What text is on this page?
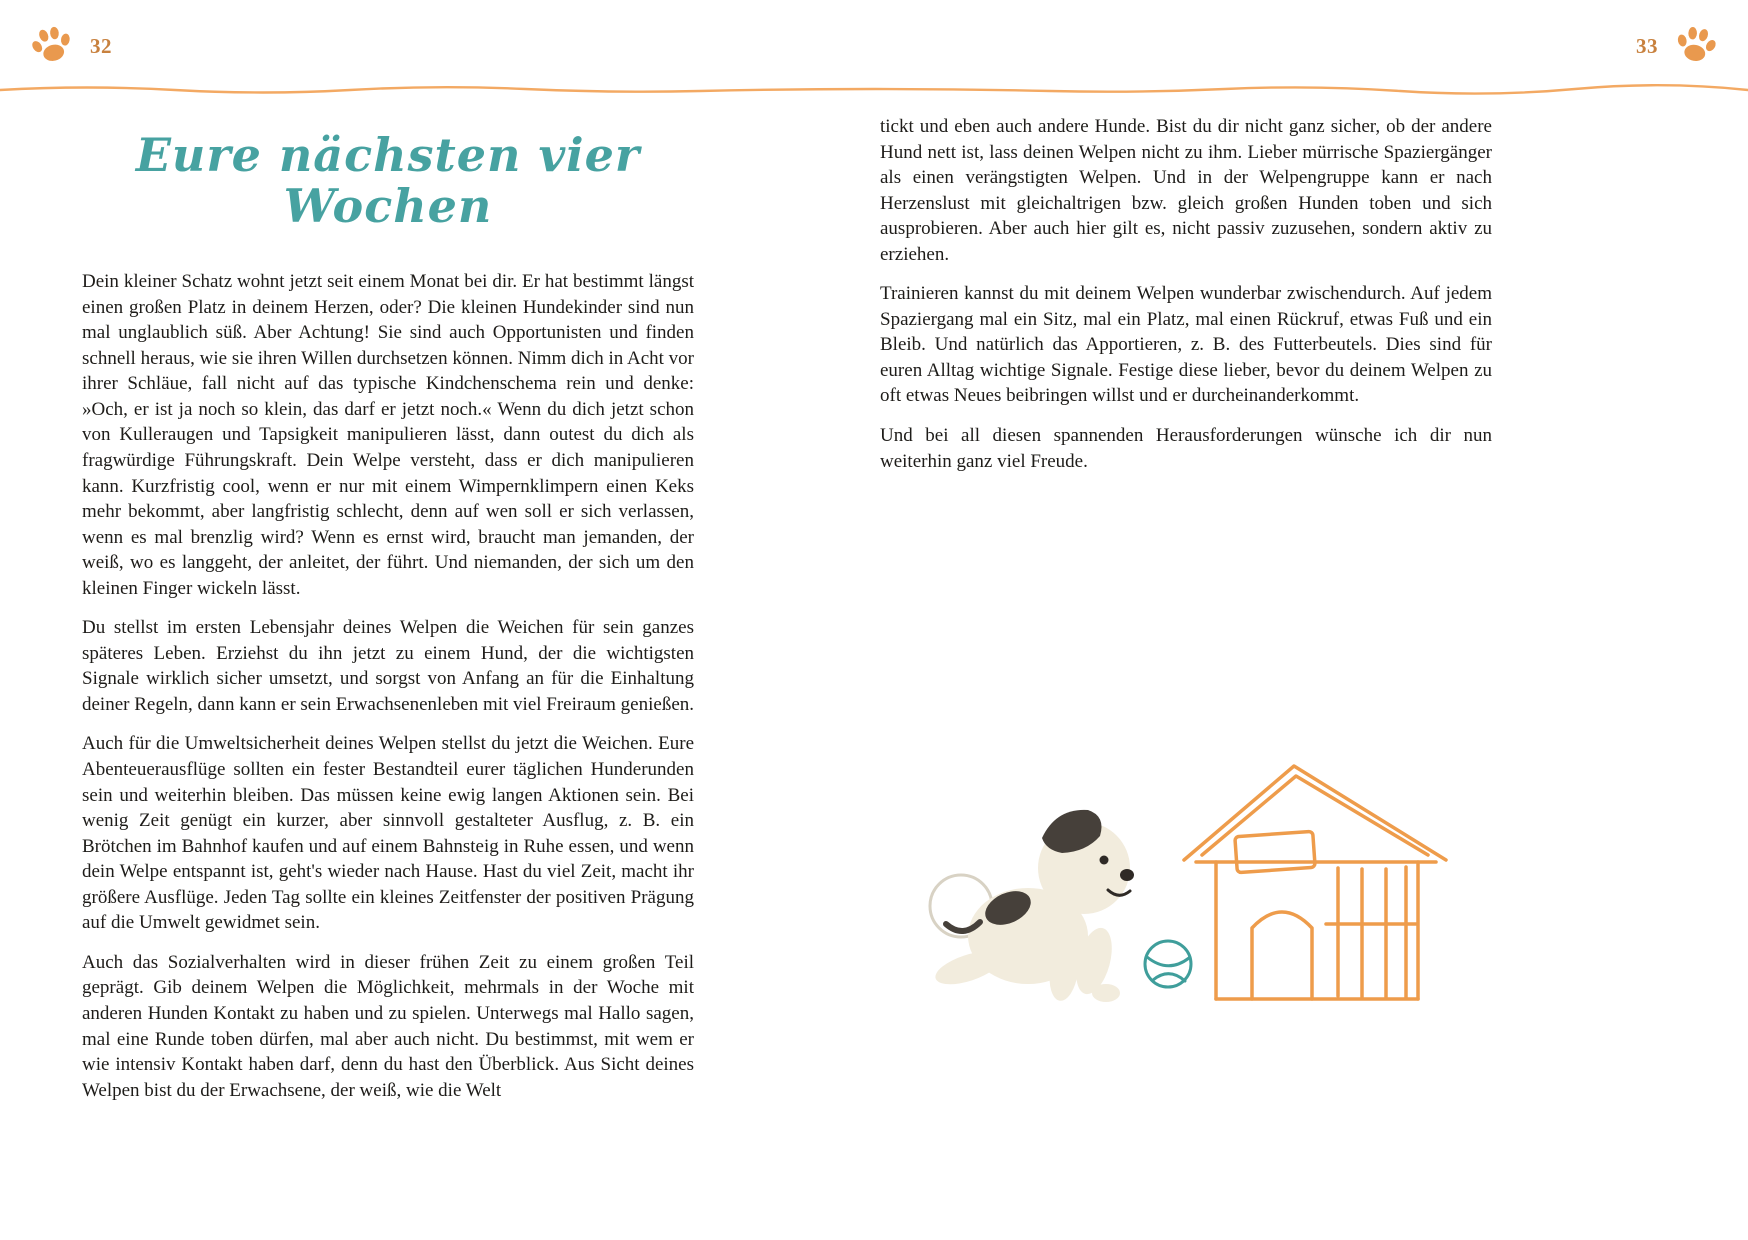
32	33
Eure nächsten vier Wochen

Dein kleiner Schatz wohnt jetzt seit einem Monat bei dir. Er hat bestimmt längst einen großen Platz in deinem Herzen, oder? Die kleinen Hundekinder sind nun mal unglaublich süß. Aber Achtung! Sie sind auch Opportunisten und finden schnell heraus, wie sie ihren Willen durchsetzen können. Nimm dich in Acht vor ihrer Schläue, fall nicht auf das typische Kindchenschema rein und denke: »Och, er ist ja noch so klein, das darf er jetzt noch.« Wenn du dich jetzt schon von Kulleraugen und Tapsigkeit manipulieren lässt, dann outest du dich als fragwürdige Führungskraft. Dein Welpe versteht, dass er dich manipulieren kann. Kurzfristig cool, wenn er nur mit einem Wimpernklimpern einen Keks mehr bekommt, aber langfristig schlecht, denn auf wen soll er sich verlassen, wenn es mal brenzlig wird? Wenn es ernst wird, braucht man jemanden, der weiß, wo es langgeht, der anleitet, der führt. Und niemanden, der sich um den kleinen Finger wickeln lässt.

Du stellst im ersten Lebensjahr deines Welpen die Weichen für sein ganzes späteres Leben. Erziehst du ihn jetzt zu einem Hund, der die wichtigsten Signale wirklich sicher umsetzt, und sorgst von Anfang an für die Einhaltung deiner Regeln, dann kann er sein Erwachsenenleben mit viel Freiraum genießen.

Auch für die Umweltsicherheit deines Welpen stellst du jetzt die Weichen. Eure Abenteuerausflüge sollten ein fester Bestandteil eurer täglichen Hunderunden sein und weiterhin bleiben. Das müssen keine ewig langen Aktionen sein. Bei wenig Zeit genügt ein kurzer, aber sinnvoll gestalteter Ausflug, z. B. ein Brötchen im Bahnhof kaufen und auf einem Bahnsteig in Ruhe essen, und wenn dein Welpe entspannt ist, geht's wieder nach Hause. Hast du viel Zeit, macht ihr größere Ausflüge. Jeden Tag sollte ein kleines Zeitfenster der positiven Prägung auf die Umwelt gewidmet sein.

Auch das Sozialverhalten wird in dieser frühen Zeit zu einem großen Teil geprägt. Gib deinem Welpen die Möglichkeit, mehrmals in der Woche mit anderen Hunden Kontakt zu haben und zu spielen. Unterwegs mal Hallo sagen, mal eine Runde toben dürfen, mal aber auch nicht. Du bestimmst, mit wem er wie intensiv Kontakt haben darf, denn du hast den Überblick. Aus Sicht deines Welpen bist du der Erwachsene, der weiß, wie die Welt

tickt und eben auch andere Hunde. Bist du dir nicht ganz sicher, ob der andere Hund nett ist, lass deinen Welpen nicht zu ihm. Lieber mürrische Spaziergänger als einen verängstigten Welpen. Und in der Welpengruppe kann er nach Herzenslust mit gleichaltrigen bzw. gleich großen Hunden toben und sich ausprobieren. Aber auch hier gilt es, nicht passiv zuzusehen, sondern aktiv zu erziehen.

Trainieren kannst du mit deinem Welpen wunderbar zwischendurch. Auf jedem Spaziergang mal ein Sitz, mal ein Platz, mal einen Rückruf, etwas Fuß und ein Bleib. Und natürlich das Apportieren, z. B. des Futterbeutels. Dies sind für euren Alltag wichtige Signale. Festige diese lieber, bevor du deinem Welpen zu oft etwas Neues beibringen willst und er durcheinanderkommt.

Und bei all diesen spannenden Herausforderungen wünsche ich dir nun weiterhin ganz viel Freude.
